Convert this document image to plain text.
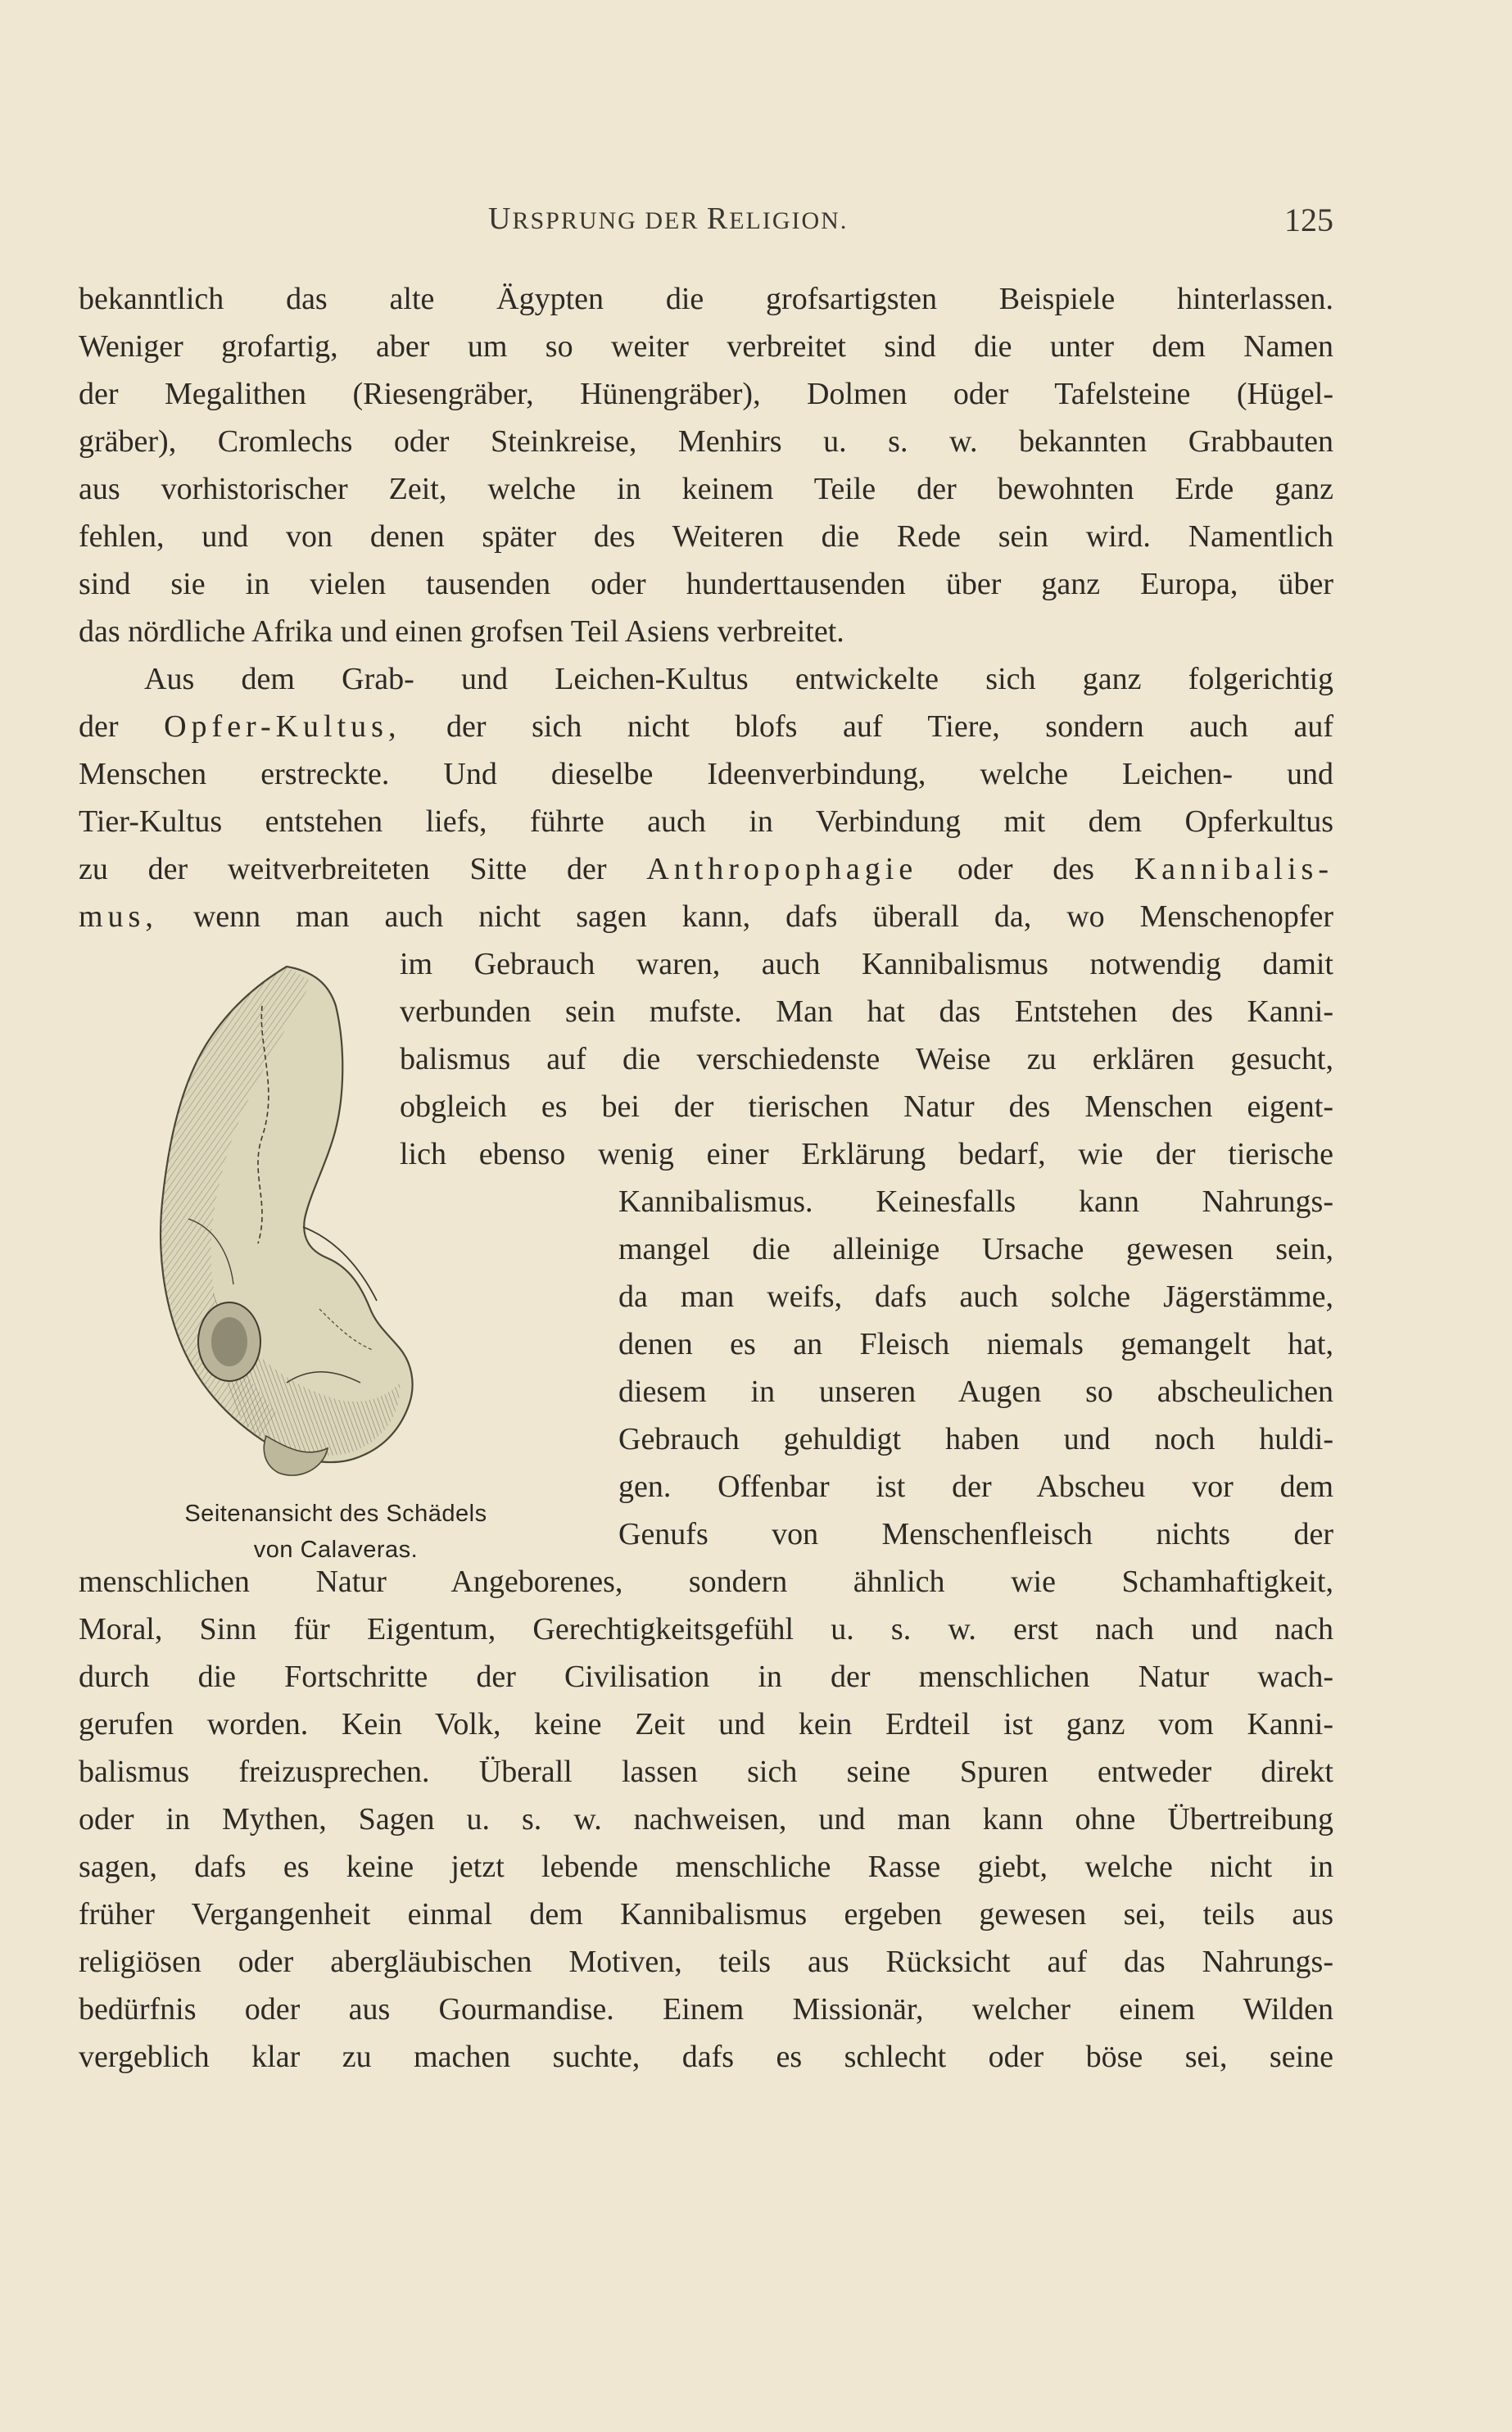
URSPRUNG DER RELIGION.	125
bekanntlich das alte Ägypten die grofsartigsten Beispiele hinterlassen.
Weniger grofartig, aber um so weiter verbreitet sind die unter dem Namen
der Megalithen (Riesengräber, Hünengräber), Dolmen oder Tafelsteine (Hügel-
gräber), Cromlechs oder Steinkreise, Menhirs u. s. w. bekannten Grabbauten
aus vorhistorischer Zeit, welche in keinem Teile der bewohnten Erde ganz
fehlen, und von denen später des Weiteren die Rede sein wird. Namentlich
sind sie in vielen tausenden oder hunderttausenden über ganz Europa, über
das nördliche Afrika und einen grofsen Teil Asiens verbreitet.
Aus dem Grab- und Leichen-Kultus entwickelte sich ganz folgerichtig
der Opfer-Kultus, der sich nicht blofs auf Tiere, sondern auch auf
Menschen erstreckte. Und dieselbe Ideenverbindung, welche Leichen- und
Tier-Kultus entstehen liefs, führte auch in Verbindung mit dem Opferkultus
zu der weitverbreiteten Sitte der Anthropophagie oder des Kannibalis-
mus, wenn man auch nicht sagen kann, dafs überall da, wo Menschenopfer
im Gebrauch waren, auch Kannibalismus notwendig damit
verbunden sein mufste. Man hat das Entstehen des Kanni-
balismus auf die verschiedenste Weise zu erklären gesucht,
obgleich es bei der tierischen Natur des Menschen eigent-
lich ebenso wenig einer Erklärung bedarf, wie der tierische
Kannibalismus. Keinesfalls kann Nahrungs-
mangel die alleinige Ursache gewesen sein,
da man weifs, dafs auch solche Jägerstämme,
denen es an Fleisch niemals gemangelt hat,
diesem in unseren Augen so abscheulichen
Gebrauch gehuldigt haben und noch huldi-
gen. Offenbar ist der Abscheu vor dem
Genufs von Menschenfleisch nichts der
Seitenansicht des Schädels
von Calaveras.
menschlichen Natur Angeborenes, sondern ähnlich wie Schamhaftigkeit,
Moral, Sinn für Eigentum, Gerechtigkeitsgefühl u. s. w. erst nach und nach
durch die Fortschritte der Civilisation in der menschlichen Natur wach-
gerufen worden. Kein Volk, keine Zeit und kein Erdteil ist ganz vom Kanni-
balismus freizusprechen. Überall lassen sich seine Spuren entweder direkt
oder in Mythen, Sagen u. s. w. nachweisen, und man kann ohne Übertreibung
sagen, dafs es keine jetzt lebende menschliche Rasse giebt, welche nicht in
früher Vergangenheit einmal dem Kannibalismus ergeben gewesen sei, teils aus
religiösen oder abergläubischen Motiven, teils aus Rücksicht auf das Nahrungs-
bedürfnis oder aus Gourmandise. Einem Missionär, welcher einem Wilden
vergeblich klar zu machen suchte, dafs es schlecht oder böse sei, seine
